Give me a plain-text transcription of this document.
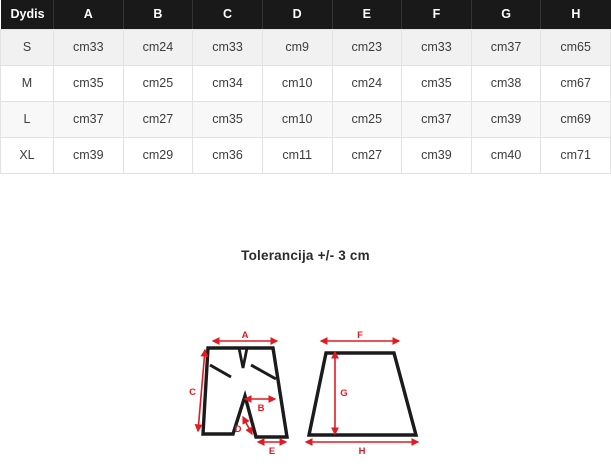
Dydis	A	B	C	D	E	F	G	H
S	cm33	cm24	cm33	cm9	cm23	cm33	cm37	cm65
M	cm35	cm25	cm34	cm10	cm24	cm35	cm38	cm67
L	cm37	cm27	cm35	cm10	cm25	cm37	cm39	cm69
XL	cm39	cm29	cm36	cm11	cm27	cm39	cm40	cm71
Tolerancija +/- 3 cm
A
C
B
D
E
F
G
H
